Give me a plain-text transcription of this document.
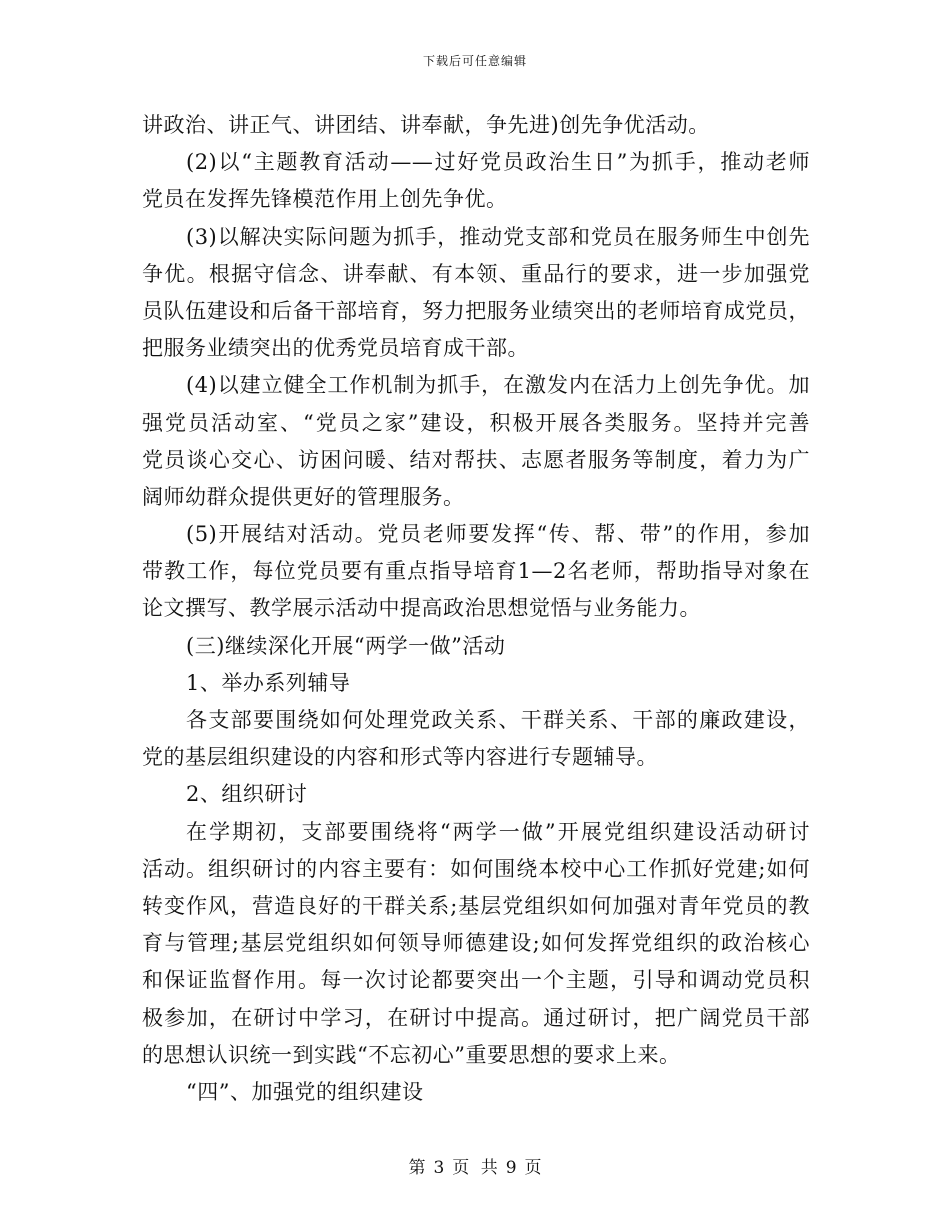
下载后可任意编辑
讲政治、讲正气、讲团结、讲奉献，争先进)创先争优活动。
(2)以“主题教育活动——过好党员政治生日”为抓手，推动老师
党员在发挥先锋模范作用上创先争优。
(3)以解决实际问题为抓手，推动党支部和党员在服务师生中创先
争优。根据守信念、讲奉献、有本领、重品行的要求，进一步加强党
员队伍建设和后备干部培育，努力把服务业绩突出的老师培育成党员，
把服务业绩突出的优秀党员培育成干部。
(4)以建立健全工作机制为抓手，在激发内在活力上创先争优。加
强党员活动室、“党员之家”建设，积极开展各类服务。坚持并完善
党员谈心交心、访困问暖、结对帮扶、志愿者服务等制度，着力为广
阔师幼群众提供更好的管理服务。
(5)开展结对活动。党员老师要发挥“传、帮、带”的作用，参加
带教工作，每位党员要有重点指导培育1—2名老师，帮助指导对象在
论文撰写、教学展示活动中提高政治思想觉悟与业务能力。
(三)继续深化开展“两学一做”活动
1、举办系列辅导
各支部要围绕如何处理党政关系、干群关系、干部的廉政建设，
党的基层组织建设的内容和形式等内容进行专题辅导。
2、组织研讨
在学期初，支部要围绕将“两学一做”开展党组织建设活动研讨
活动。组织研讨的内容主要有：如何围绕本校中心工作抓好党建;如何
转变作风，营造良好的干群关系;基层党组织如何加强对青年党员的教
育与管理;基层党组织如何领导师德建设;如何发挥党组织的政治核心
和保证监督作用。每一次讨论都要突出一个主题，引导和调动党员积
极参加，在研讨中学习，在研讨中提高。通过研讨，把广阔党员干部
的思想认识统一到实践“不忘初心”重要思想的要求上来。
“四”、加强党的组织建设
第 3 页 共 9 页
